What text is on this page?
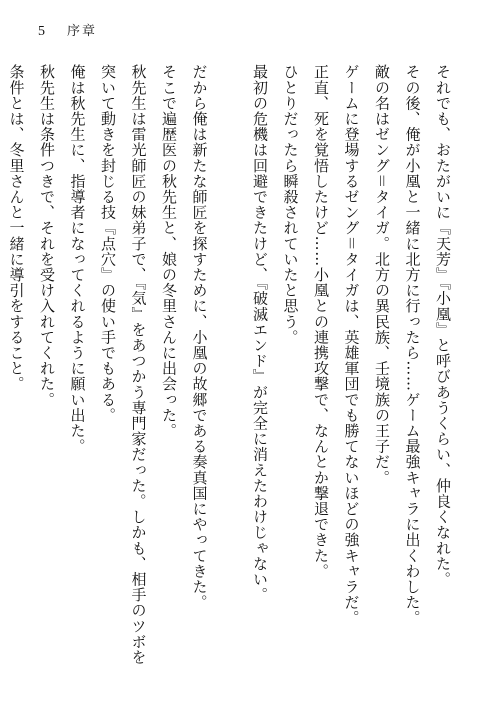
5 序章

それでも、おたがいに『天芳』『小凰』と呼びあうくらい、仲良くなれた。

その後、俺が小凰と一緒に北方に行ったら……ゲーム最強キャラに出くわした。

敵の名はゼング＝タイガ。北方の異民族、壬境族の王子だ。

ゲームに登場するゼング＝タイガは、英雄軍団でも勝てないほどの強キャラだ。

正直、死を覚悟したけど……小凰との連携攻撃で、なんとか撃退できた。

ひとりだったら瞬殺されていたと思う。

最初の危機は回避できたけど、『破滅エンド』が完全に消えたわけじゃない。

だから俺は新たな師匠を探すために、小凰の故郷である奏真国にやってきた。

そこで遍歴医の秋先生と、娘の冬里さんに出会った。

秋先生は雷光師匠の妹弟子で、『気』をあつかう専門家だった。しかも、相手のツボを

突いて動きを封じる技『点穴』の使い手でもある。

俺は秋先生に、指導者になってくれるように願い出た。

秋先生は条件つきで、それを受け入れてくれた。

条件とは、冬里さんと一緒に導引をすること。
